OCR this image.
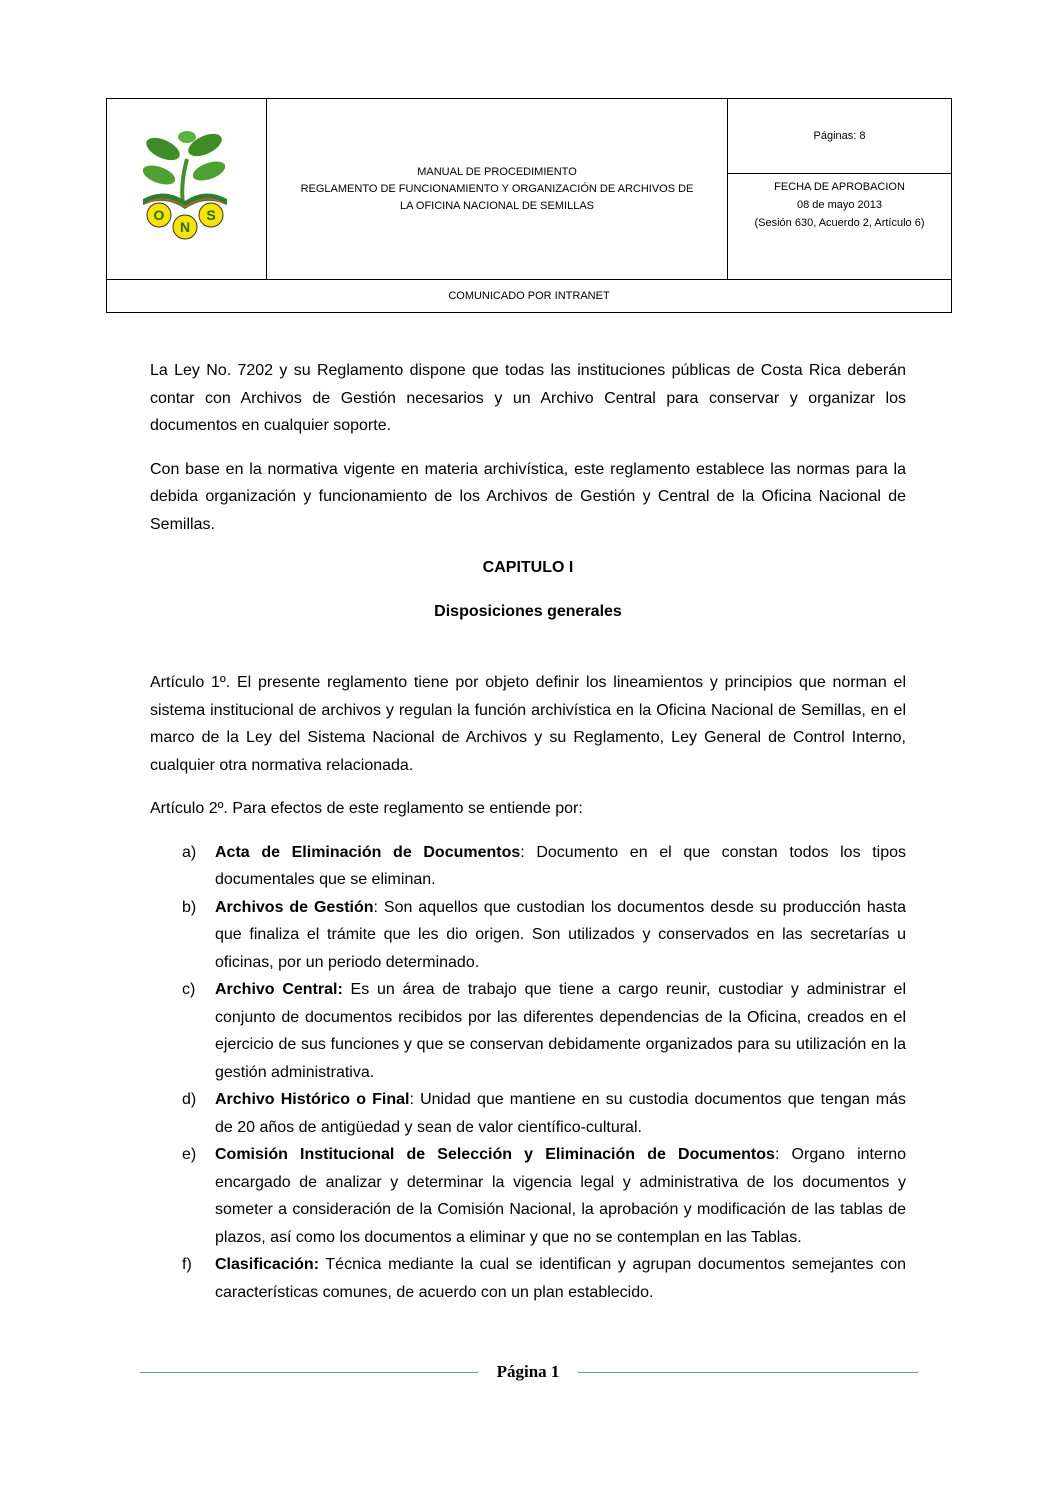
O
N
S
MANUAL DE PROCEDIMIENTO
REGLAMENTO DE FUNCIONAMIENTO Y ORGANIZACIÓN DE ARCHIVOS DE
LA OFICINA NACIONAL DE SEMILLAS
Páginas: 8
FECHA DE APROBACION
08 de mayo 2013
(Sesión 630, Acuerdo 2, Artículo 6)
COMUNICADO POR INTRANET

La Ley No. 7202 y su Reglamento dispone que todas las instituciones públicas de Costa Rica deberán contar con Archivos de Gestión necesarios y un Archivo Central para conservar y organizar los documentos en cualquier soporte.

Con base en la normativa vigente en materia archivística, este reglamento establece las normas para la debida organización y funcionamiento de los Archivos de Gestión y Central de la Oficina Nacional de Semillas.

CAPITULO I

Disposiciones generales

Artículo 1º. El presente reglamento tiene por objeto definir los lineamientos y principios que norman el sistema institucional de archivos y regulan la función archivística en la Oficina Nacional de Semillas, en el marco de la Ley del Sistema Nacional de Archivos y su Reglamento, Ley General de Control Interno, cualquier otra normativa relacionada.

Artículo 2º. Para efectos de este reglamento se entiende por:

a) Acta de Eliminación de Documentos: Documento en el que constan todos los tipos documentales que se eliminan.
b) Archivos de Gestión: Son aquellos que custodian los documentos desde su producción hasta que finaliza el trámite que les dio origen. Son utilizados y conservados en las secretarías u oficinas, por un periodo determinado.
c) Archivo Central: Es un área de trabajo que tiene a cargo reunir, custodiar y administrar el conjunto de documentos recibidos por las diferentes dependencias de la Oficina, creados en el ejercicio de sus funciones y que se conservan debidamente organizados para su utilización en la gestión administrativa.
d) Archivo Histórico o Final: Unidad que mantiene en su custodia documentos que tengan más de 20 años de antigüedad y sean de valor científico-cultural.
e) Comisión Institucional de Selección y Eliminación de Documentos: Organo interno encargado de analizar y determinar la vigencia legal y administrativa de los documentos y someter a consideración de la Comisión Nacional, la aprobación y modificación de las tablas de plazos, así como los documentos a eliminar y que no se contemplan en las Tablas.
f) Clasificación: Técnica mediante la cual se identifican y agrupan documentos semejantes con características comunes, de acuerdo con un plan establecido.
Página 1
